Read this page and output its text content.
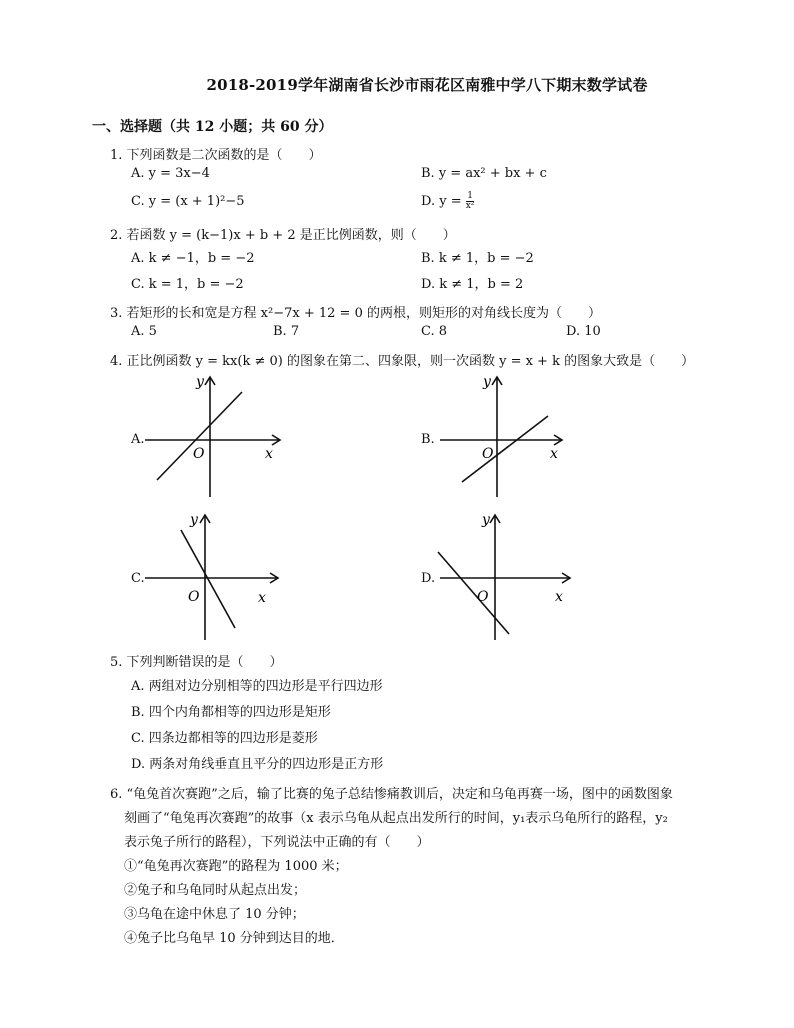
2018-2019学年湖南省长沙市雨花区南雅中学八下期末数学试卷
一、选择题（共 12 小题；共 60 分）
1. 下列函数是二次函数的是（　　）
A. y = 3x−4	B. y = ax² + bx + c
C. y = (x + 1)²−5	D. $y = \frac{1}{\text{x²}}$
2. 若函数 y = (k−1)x + b + 2 是正比例函数，则（　　）
A. k ≠ −1，b = −2	B. k ≠ 1，b = −2
C. k = 1，b = −2	D. k ≠ 1，b = 2
3. 若矩形的长和宽是方程 x²−7x + 12 = 0 的两根，则矩形的对角线长度为（　　）
A. 5	B. 7	C. 8	D. 10
4. 正比例函数 y = kx(k ≠ 0) 的图象在第二、四象限，则一次函数 y = x + k 的图象大致是（　　）
A.
y
x
O
B.
y
x
O
C.
y
x
O
D.
y
x
O
5. 下列判断错误的是（　　）
A. 两组对边分别相等的四边形是平行四边形
B. 四个内角都相等的四边形是矩形
C. 四条边都相等的四边形是菱形
D. 两条对角线垂直且平分的四边形是正方形
6. “龟兔首次赛跑”之后，输了比赛的兔子总结惨痛教训后，决定和乌龟再赛一场，图中的函数图象
刻画了“龟兔再次赛跑”的故事（x 表示乌龟从起点出发所行的时间，y₁表示乌龟所行的路程，y₂
表示兔子所行的路程），下列说法中正确的有（　　）
①“龟兔再次赛跑”的路程为 1000 米；
②兔子和乌龟同时从起点出发；
③乌龟在途中休息了 10 分钟；
④兔子比乌龟早 10 分钟到达目的地．
